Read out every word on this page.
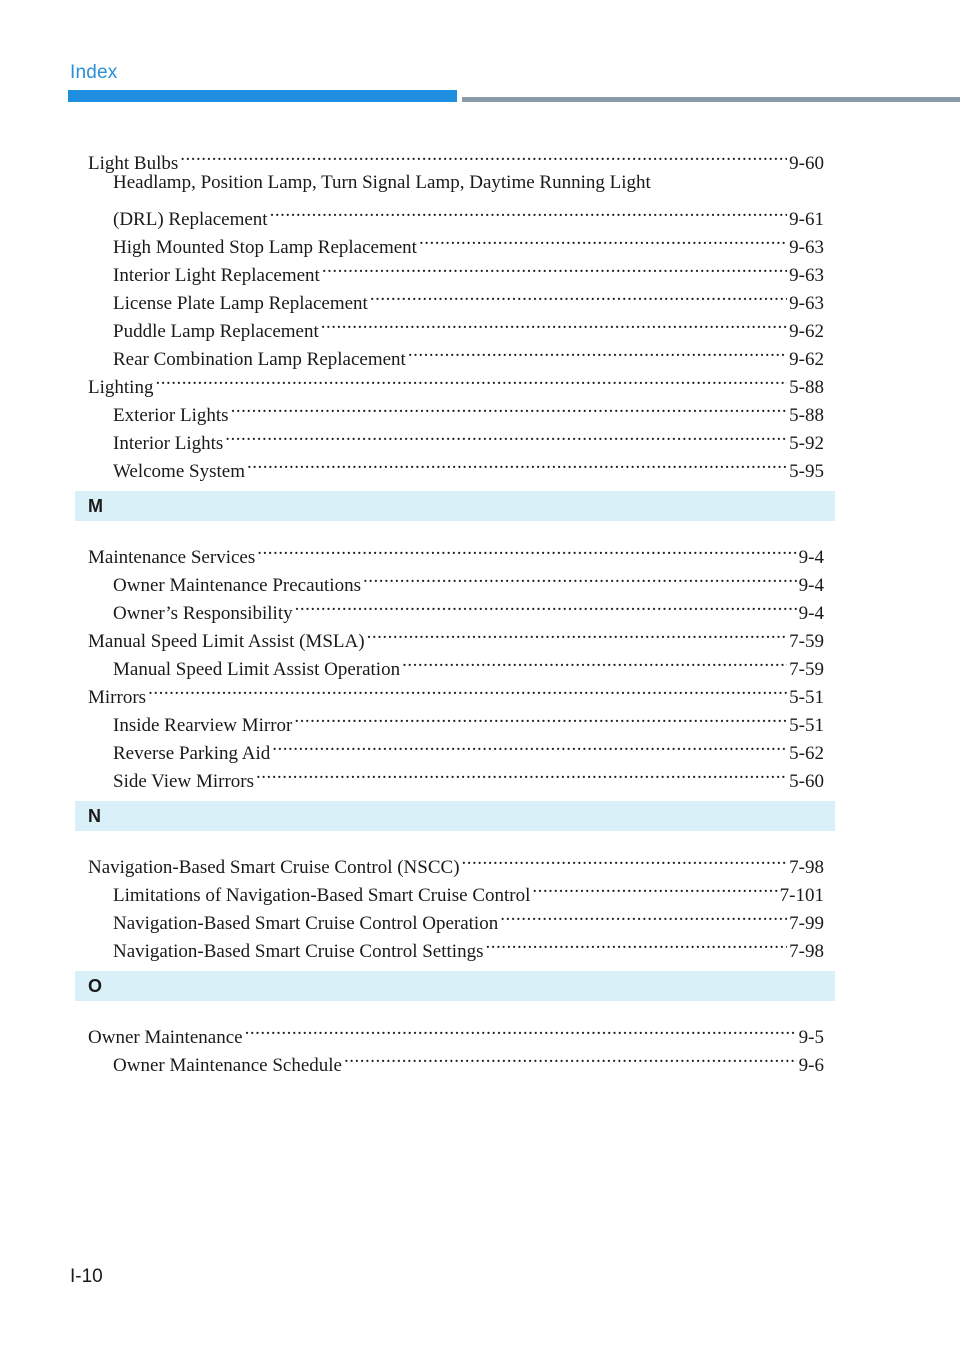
Index
Light Bulbs .....	9-60
Headlamp, Position Lamp, Turn Signal Lamp, Daytime Running Light
(DRL) Replacement .....	9-61
High Mounted Stop Lamp Replacement .....	9-63
Interior Light Replacement .....	9-63
License Plate Lamp Replacement .....	9-63
Puddle Lamp Replacement .....	9-62
Rear Combination Lamp Replacement .....	9-62
Lighting .....	5-88
Exterior Lights .....	5-88
Interior Lights .....	5-92
Welcome System .....	5-95
M
Maintenance Services .....	9-4
Owner Maintenance Precautions .....	9-4
Owner’s Responsibility .....	9-4
Manual Speed Limit Assist (MSLA) .....	7-59
Manual Speed Limit Assist Operation .....	7-59
Mirrors .....	5-51
Inside Rearview Mirror .....	5-51
Reverse Parking Aid .....	5-62
Side View Mirrors .....	5-60
N
Navigation-Based Smart Cruise Control (NSCC) .....	7-98
Limitations of Navigation-Based Smart Cruise Control .....	7-101
Navigation-Based Smart Cruise Control Operation .....	7-99
Navigation-Based Smart Cruise Control Settings .....	7-98
O
Owner Maintenance .....	9-5
Owner Maintenance Schedule .....	9-6
I-10
